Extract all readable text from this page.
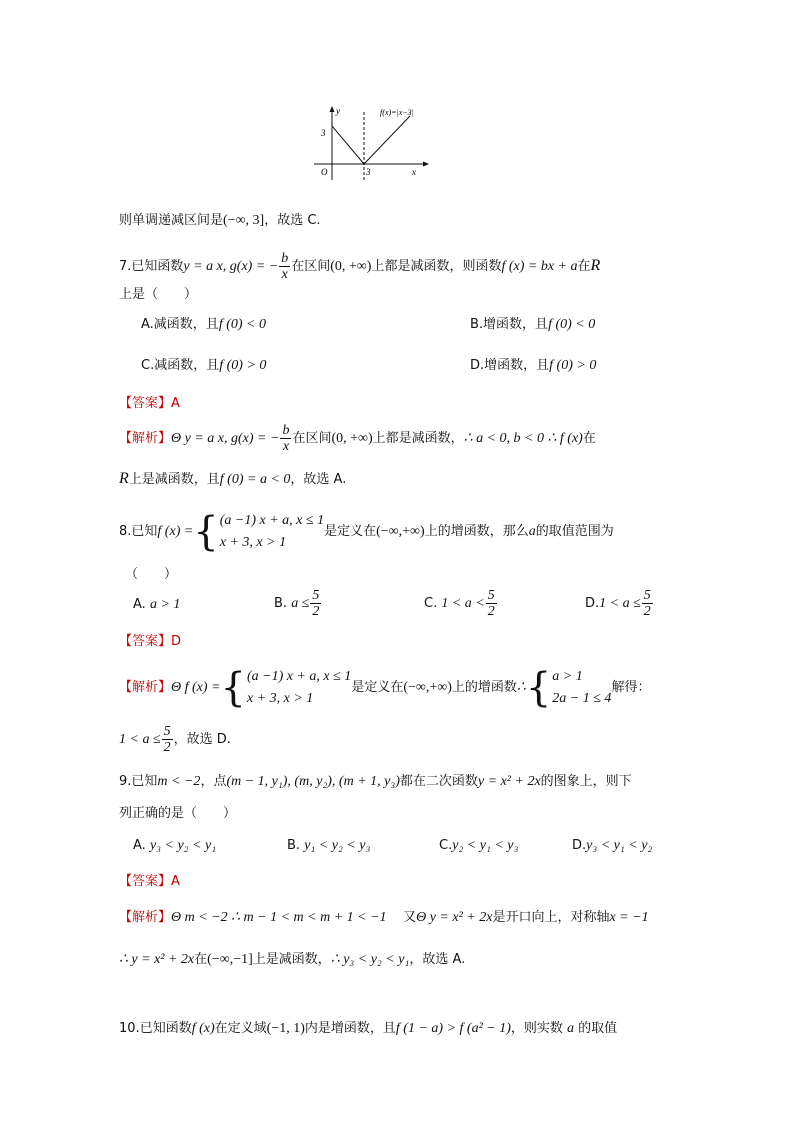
y
x
O
3
3
f(x)=|x−3|
则单调递减区间是(−∞, 3]，故选 C.
7.已知函数y = a x, g(x) = − $\frac{b}{x}$ 在区间(0, +∞)上都是减函数，则函数f (x) = bx + a在R
上是（　　）
A.减函数，且f (0) < 0	B.增函数，且f (0) < 0
C.减函数，且f (0) > 0	D.增函数，且f (0) > 0
【答案】A
【解析】Θ y = a x, g(x) = − $\frac{b}{x}$ 在区间(0, +∞)上都是减函数，∴ a < 0, b < 0 ∴ f (x)在
R上是减函数，且f (0) = a < 0，故选 A.
8.已知f (x) ={ (a −1) x + a, x ≤ 1
x + 3, x > 1
是定义在(−∞,+∞)上的增函数，那么a的取值范围为
（　　）
A. a > 1	B. $a \le \frac{5}{2}$	C. $1 < a < \frac{5}{2}$	$D.1 < a \le \frac{5}{2}$
【答案】D
【解析】Θ f (x) ={ (a −1) x + a, x ≤ 1
x + 3, x > 1
是定义在(−∞,+∞)上的增函数∴{ a > 1
2a − 1 ≤ 4
解得：
$1 < a \le \frac{5}{2}$ ，故选 D.
9.已知m < −2，点(m − 1, y₁), (m, y₂), (m + 1, y₃)都在二次函数y = x² + 2x的图象上，则下
列正确的是（　　）
A. y₃ < y₂ < y₁	B. y₁ < y₂ < y₃	C.y₂ < y₁ < y₃	D.y₃ < y₁ < y₂
【答案】A
【解析】Θ m < −2 ∴ m − 1 < m < m + 1 < −1 又Θ y = x² + 2x是开口向上，对称轴x = −1
∴ y = x² + 2x在(−∞,−1]上是减函数，∴ y₃ < y₂ < y₁，故选 A.
10.已知函数f (x)在定义域(−1, 1)内是增函数，且f (1 − a) > f (a² − 1)，则实数 a 的取值
